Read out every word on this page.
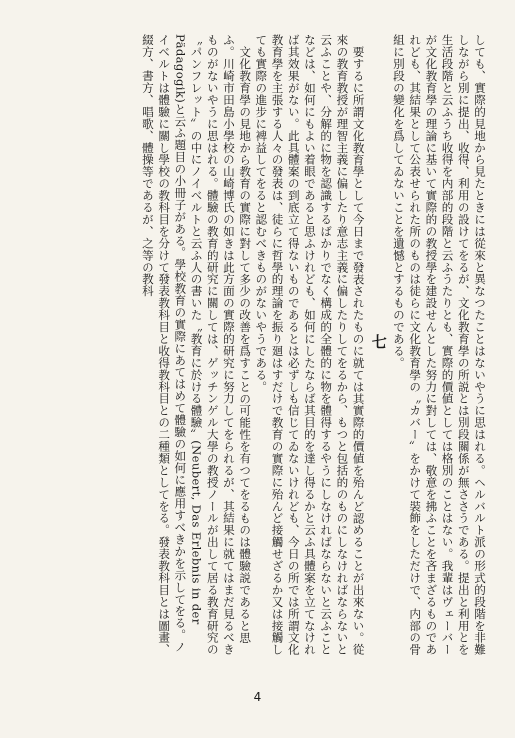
しても、實際的見地から見たときには從來と異なつたことはないやうに思はれる。ヘルバルト派の形式的段階を非難しながら別に提出、收得、利用の設けてをるが、文化教育學の所説とは別段關係が無ささうである。提出と利用とを生活段階と云ふうち收得を内部的段階と云ふうたりとも、實際的價値としては格別のことはない。我輩はヴェーバーが文化教育學の理論に基いて實際的の教授學を建設せんとした努力に對しては、敬意を拂ふことを吝まざるものであれども、其結果として公表せられた所のものは徒らに文化教育學の〝カバー〟をかけて裝飾をしただけで、内部の骨組に別段の變化を爲してゐないことを遺憾とするものである。

七

要するに所謂文化教育學として今日まで發表されたものに就ては其實際的價値を殆んど認めることが出來ない。從來の教育教授が理智主義に偏したり意志主義に偏したりしてをるから、もつと包括的のものにしなければならないと云ふことや、分解的に物を認識するばかりでなく構成的全體的に物を體得するやうにしなければならないと云ふことなどは、如何にもよい着眼であると思ふけれども、如何にしたならば其目的を達し得るかと云ふ具體案を立てなければ其效果がない。此具體案の到底立て得ないものであるとは必ずしも信じてゐないけれども、今日の所では所謂文化教育學を主張する人々の發表は、徒らに哲學的理論を振り廻はすだけで教育の實際に殆んど接觸せざるか又は接觸しても實際の進步に裨益してをると認むべきものがないやうである。

文化教育學の見地から教育の實際に對して多少の改善を爲すことの可能性を有つてをるものは體驗説であると思ふ。川崎市田島小學校の山崎博氏の如きは此方面の實際的研究に努力してをられるが、其結果に就てはまだ見るべきものがないやうに思はれる。體驗の教育的研究に關しては、ゲッチンゲル大學の教授ノールが出して居る教育研究の〝パンフレット〟の中にノイベルトと云ふ人の書いた〝教育に於ける體驗〟(Neubert, Das Erlebnis in der Pädagogik)と云ふ題目の小冊子がある。學校教育の實際にあてはめて體驗の如何に應用すべきかを示してをる。ノイベルトは體驗に關し學校の教科目を分けて發表教科目と收得教科目との二種類としてをる。發表教科目とは圖畫、綴方、書方、唱歌、體操等であるが、之等の教科

4
